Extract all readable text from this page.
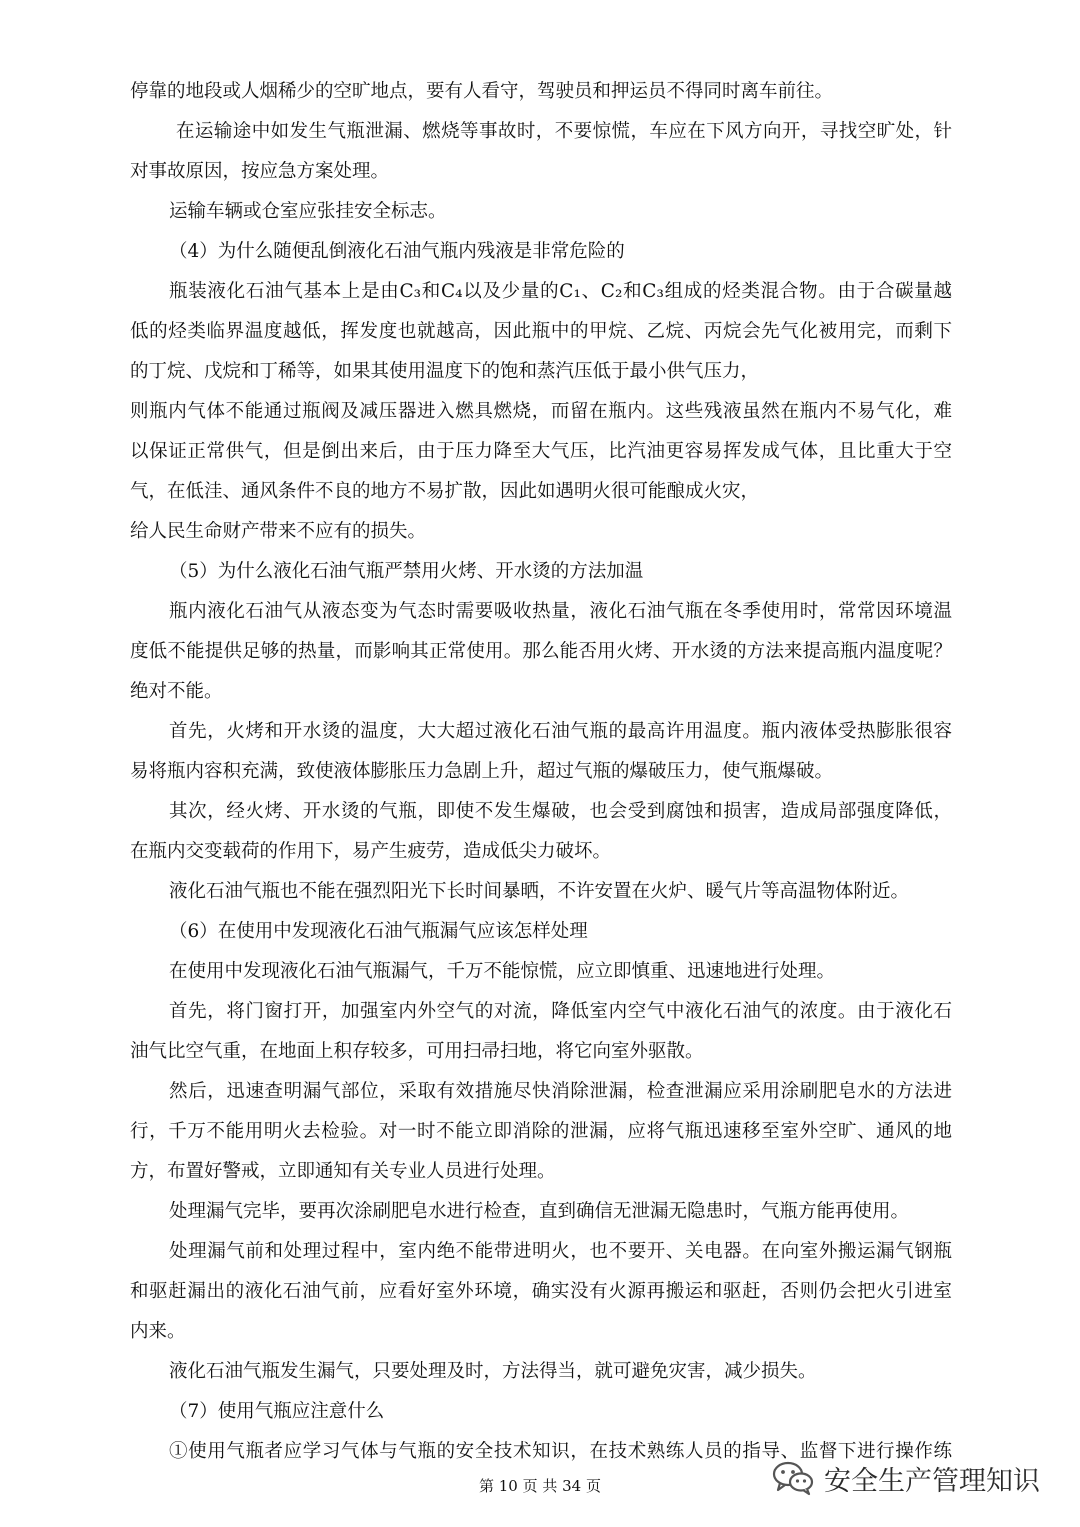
停靠的地段或人烟稀少的空旷地点，要有人看守，驾驶员和押运员不得同时离车前往。
在运输途中如发生气瓶泄漏、燃烧等事故时，不要惊慌，车应在下风方向开，寻找空旷处，针
对事故原因，按应急方案处理。
运输车辆或仓室应张挂安全标志。
（4）为什么随便乱倒液化石油气瓶内残液是非常危险的
瓶装液化石油气基本上是由C₃和C₄以及少量的C₁、C₂和C₃组成的烃类混合物。由于合碳量越
低的烃类临界温度越低，挥发度也就越高，因此瓶中的甲烷、乙烷、丙烷会先气化被用完，而剩下
的丁烷、戊烷和丁稀等，如果其使用温度下的饱和蒸汽压低于最小供气压力，
则瓶内气体不能通过瓶阀及减压器进入燃具燃烧，而留在瓶内。这些残液虽然在瓶内不易气化，难
以保证正常供气，但是倒出来后，由于压力降至大气压，比汽油更容易挥发成气体，且比重大于空
气，在低洼、通风条件不良的地方不易扩散，因此如遇明火很可能酿成火灾，
给人民生命财产带来不应有的损失。
（5）为什么液化石油气瓶严禁用火烤、开水烫的方法加温
瓶内液化石油气从液态变为气态时需要吸收热量，液化石油气瓶在冬季使用时，常常因环境温
度低不能提供足够的热量，而影响其正常使用。那么能否用火烤、开水烫的方法来提高瓶内温度呢？
绝对不能。
首先，火烤和开水烫的温度，大大超过液化石油气瓶的最高许用温度。瓶内液体受热膨胀很容
易将瓶内容积充满，致使液体膨胀压力急剧上升，超过气瓶的爆破压力，使气瓶爆破。
其次，经火烤、开水烫的气瓶，即使不发生爆破，也会受到腐蚀和损害，造成局部强度降低，
在瓶内交变载荷的作用下，易产生疲劳，造成低尖力破坏。
液化石油气瓶也不能在强烈阳光下长时间暴晒，不许安置在火炉、暖气片等高温物体附近。
（6）在使用中发现液化石油气瓶漏气应该怎样处理
在使用中发现液化石油气瓶漏气，千万不能惊慌，应立即慎重、迅速地进行处理。
首先，将门窗打开，加强室内外空气的对流，降低室内空气中液化石油气的浓度。由于液化石
油气比空气重，在地面上积存较多，可用扫帚扫地，将它向室外驱散。
然后，迅速查明漏气部位，采取有效措施尽快消除泄漏，检查泄漏应采用涂刷肥皂水的方法进
行，千万不能用明火去检验。对一时不能立即消除的泄漏，应将气瓶迅速移至室外空旷、通风的地
方，布置好警戒，立即通知有关专业人员进行处理。
处理漏气完毕，要再次涂刷肥皂水进行检查，直到确信无泄漏无隐患时，气瓶方能再使用。
处理漏气前和处理过程中，室内绝不能带进明火，也不要开、关电器。在向室外搬运漏气钢瓶
和驱赶漏出的液化石油气前，应看好室外环境，确实没有火源再搬运和驱赶，否则仍会把火引进室
内来。
液化石油气瓶发生漏气，只要处理及时，方法得当，就可避免灾害，减少损失。
（7）使用气瓶应注意什么
①使用气瓶者应学习气体与气瓶的安全技术知识，在技术熟练人员的指导、监督下进行操作练
第 10 页 共 34 页	安全生产管理知识
